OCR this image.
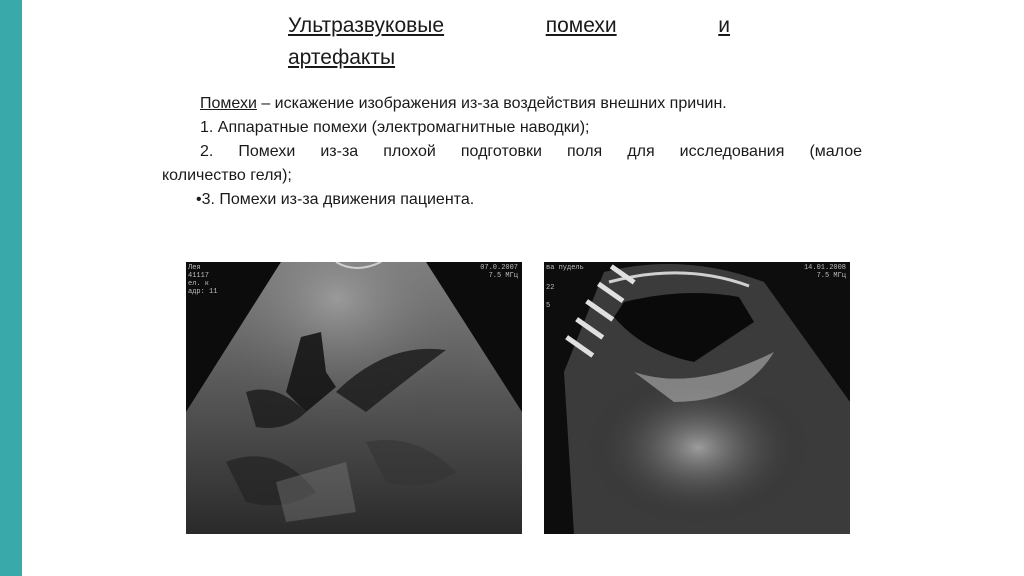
Ультразвуковые	помехи	и
артефакты

Помехи – искажение изображения из-за воздействия внешних причин.

1. Аппаратные помехи (электромагнитные наводки);

2. Помехи из-за плохой подготовки поля для исследования (малое

количество геля);

•3. Помехи из-за движения пациента.

Лея
41117
ел. к
адр: 11
07.0.2007
7.5 МГц
ва пудель
22
5
14.01.2008
7.5 МГц
